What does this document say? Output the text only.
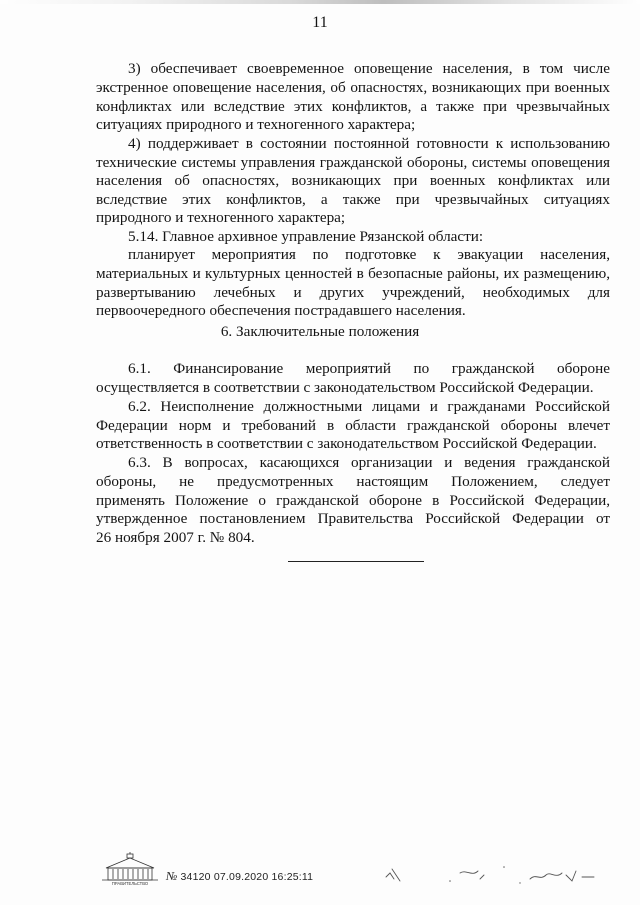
11
3) обеспечивает своевременное оповещение населения, в том числе
экстренное оповещение населения, об опасностях, возникающих при военных
конфликтах или вследствие этих конфликтов, а также при чрезвычайных
ситуациях природного и техногенного характера;
4) поддерживает в состоянии постоянной готовности к использованию
технические системы управления гражданской обороны, системы оповещения
населения об опасностях, возникающих при военных конфликтах или
вследствие этих конфликтов, а также при чрезвычайных ситуациях
природного и техногенного характера;
5.14. Главное архивное управление Рязанской области:
планирует мероприятия по подготовке к эвакуации населения,
материальных и культурных ценностей в безопасные районы, их размещению,
развертыванию лечебных и других учреждений, необходимых для
первоочередного обеспечения пострадавшего населения.
6. Заключительные положения
6.1. Финансирование мероприятий по гражданской обороне
осуществляется в соответствии с законодательством Российской Федерации.
6.2. Неисполнение должностными лицами и гражданами Российской
Федерации норм и требований в области гражданской обороны влечет
ответственность в соответствии с законодательством Российской Федерации.
6.3. В вопросах, касающихся организации и ведения гражданской
обороны, не предусмотренных настоящим Положением, следует
применять Положение о гражданской обороне в Российской Федерации,
утвержденное постановлением Правительства Российской Федерации от
26 ноября 2007 г. № 804.
ПРАВИТЕЛЬСТВО
№ 34120 07.09.2020 16:25:11
